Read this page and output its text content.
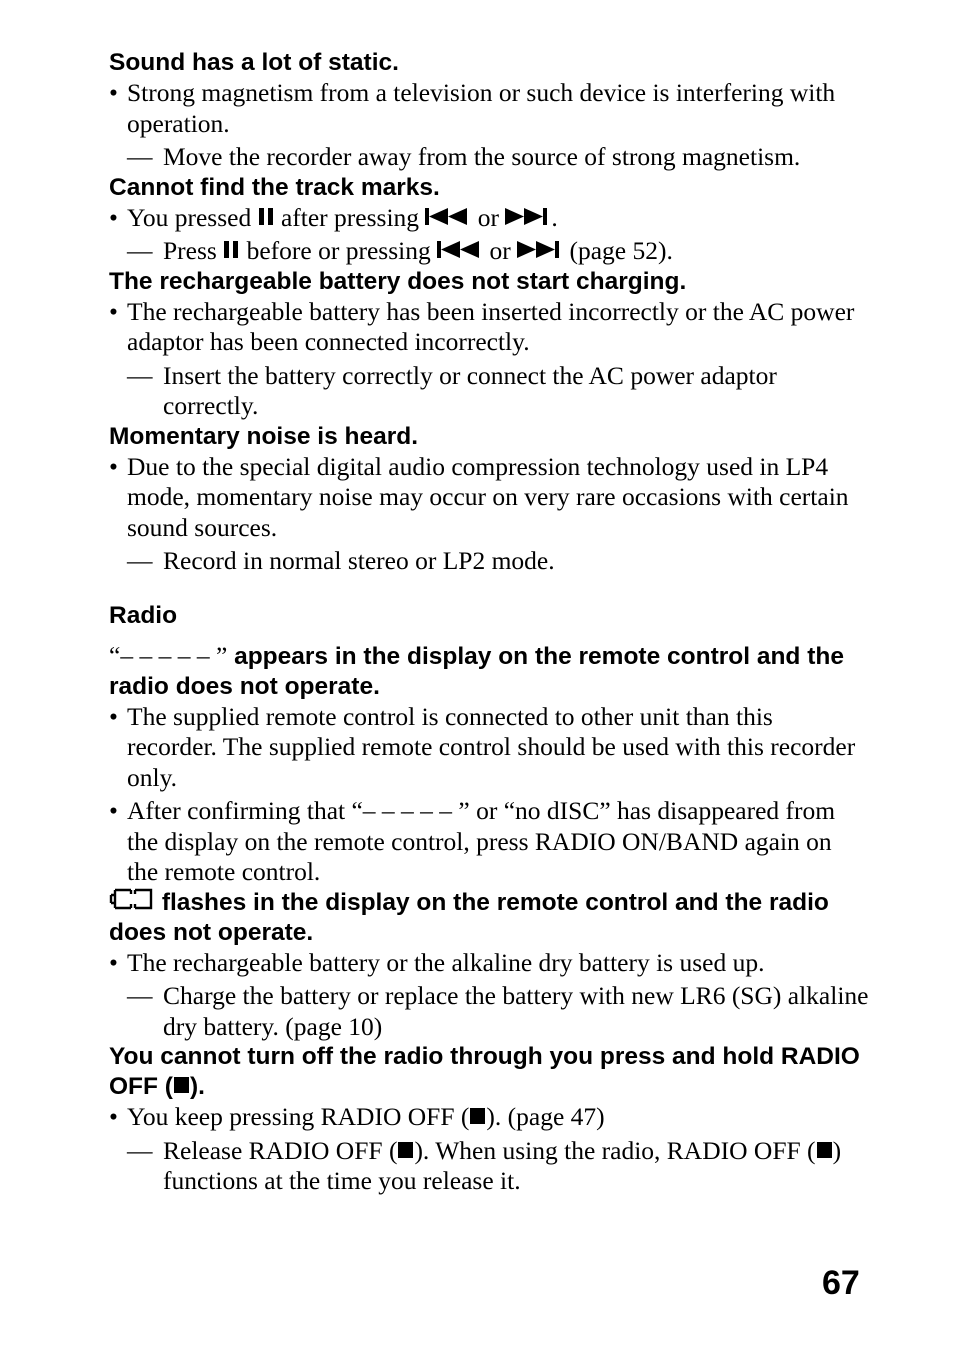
Sound has a lot of static.

• Strong magnetism from a television or such device is interfering with operation.

— Move the recorder away from the source of strong magnetism.

Cannot find the track marks.

• You pressed after pressing or .

— Press before or pressing or (page 52).

The rechargeable battery does not start charging.

• The rechargeable battery has been inserted incorrectly or the AC power adaptor has been connected incorrectly.

— Insert the battery correctly or connect the AC power adaptor correctly.

Momentary noise is heard.

• Due to the special digital audio compression technology used in LP4 mode, momentary noise may occur on very rare occasions with certain sound sources.

— Record in normal stereo or LP2 mode.

Radio

“– – – – – ” appears in the display on the remote control and the radio does not operate.

• The supplied remote control is connected to other unit than this recorder. The supplied remote control should be used with this recorder only.

• After confirming that “– – – – – ” or “no dISC” has disappeared from the display on the remote control, press RADIO ON/BAND again on the remote control.

flashes in the display on the remote control and the radio does not operate.

• The rechargeable battery or the alkaline dry battery is used up.

— Charge the battery or replace the battery with new LR6 (SG) alkaline dry battery. (page 10)

You cannot turn off the radio through you press and hold RADIO OFF ( ).

• You keep pressing RADIO OFF ( ). (page 47)

— Release RADIO OFF ( ). When using the radio, RADIO OFF ( ) functions at the time you release it.

67
